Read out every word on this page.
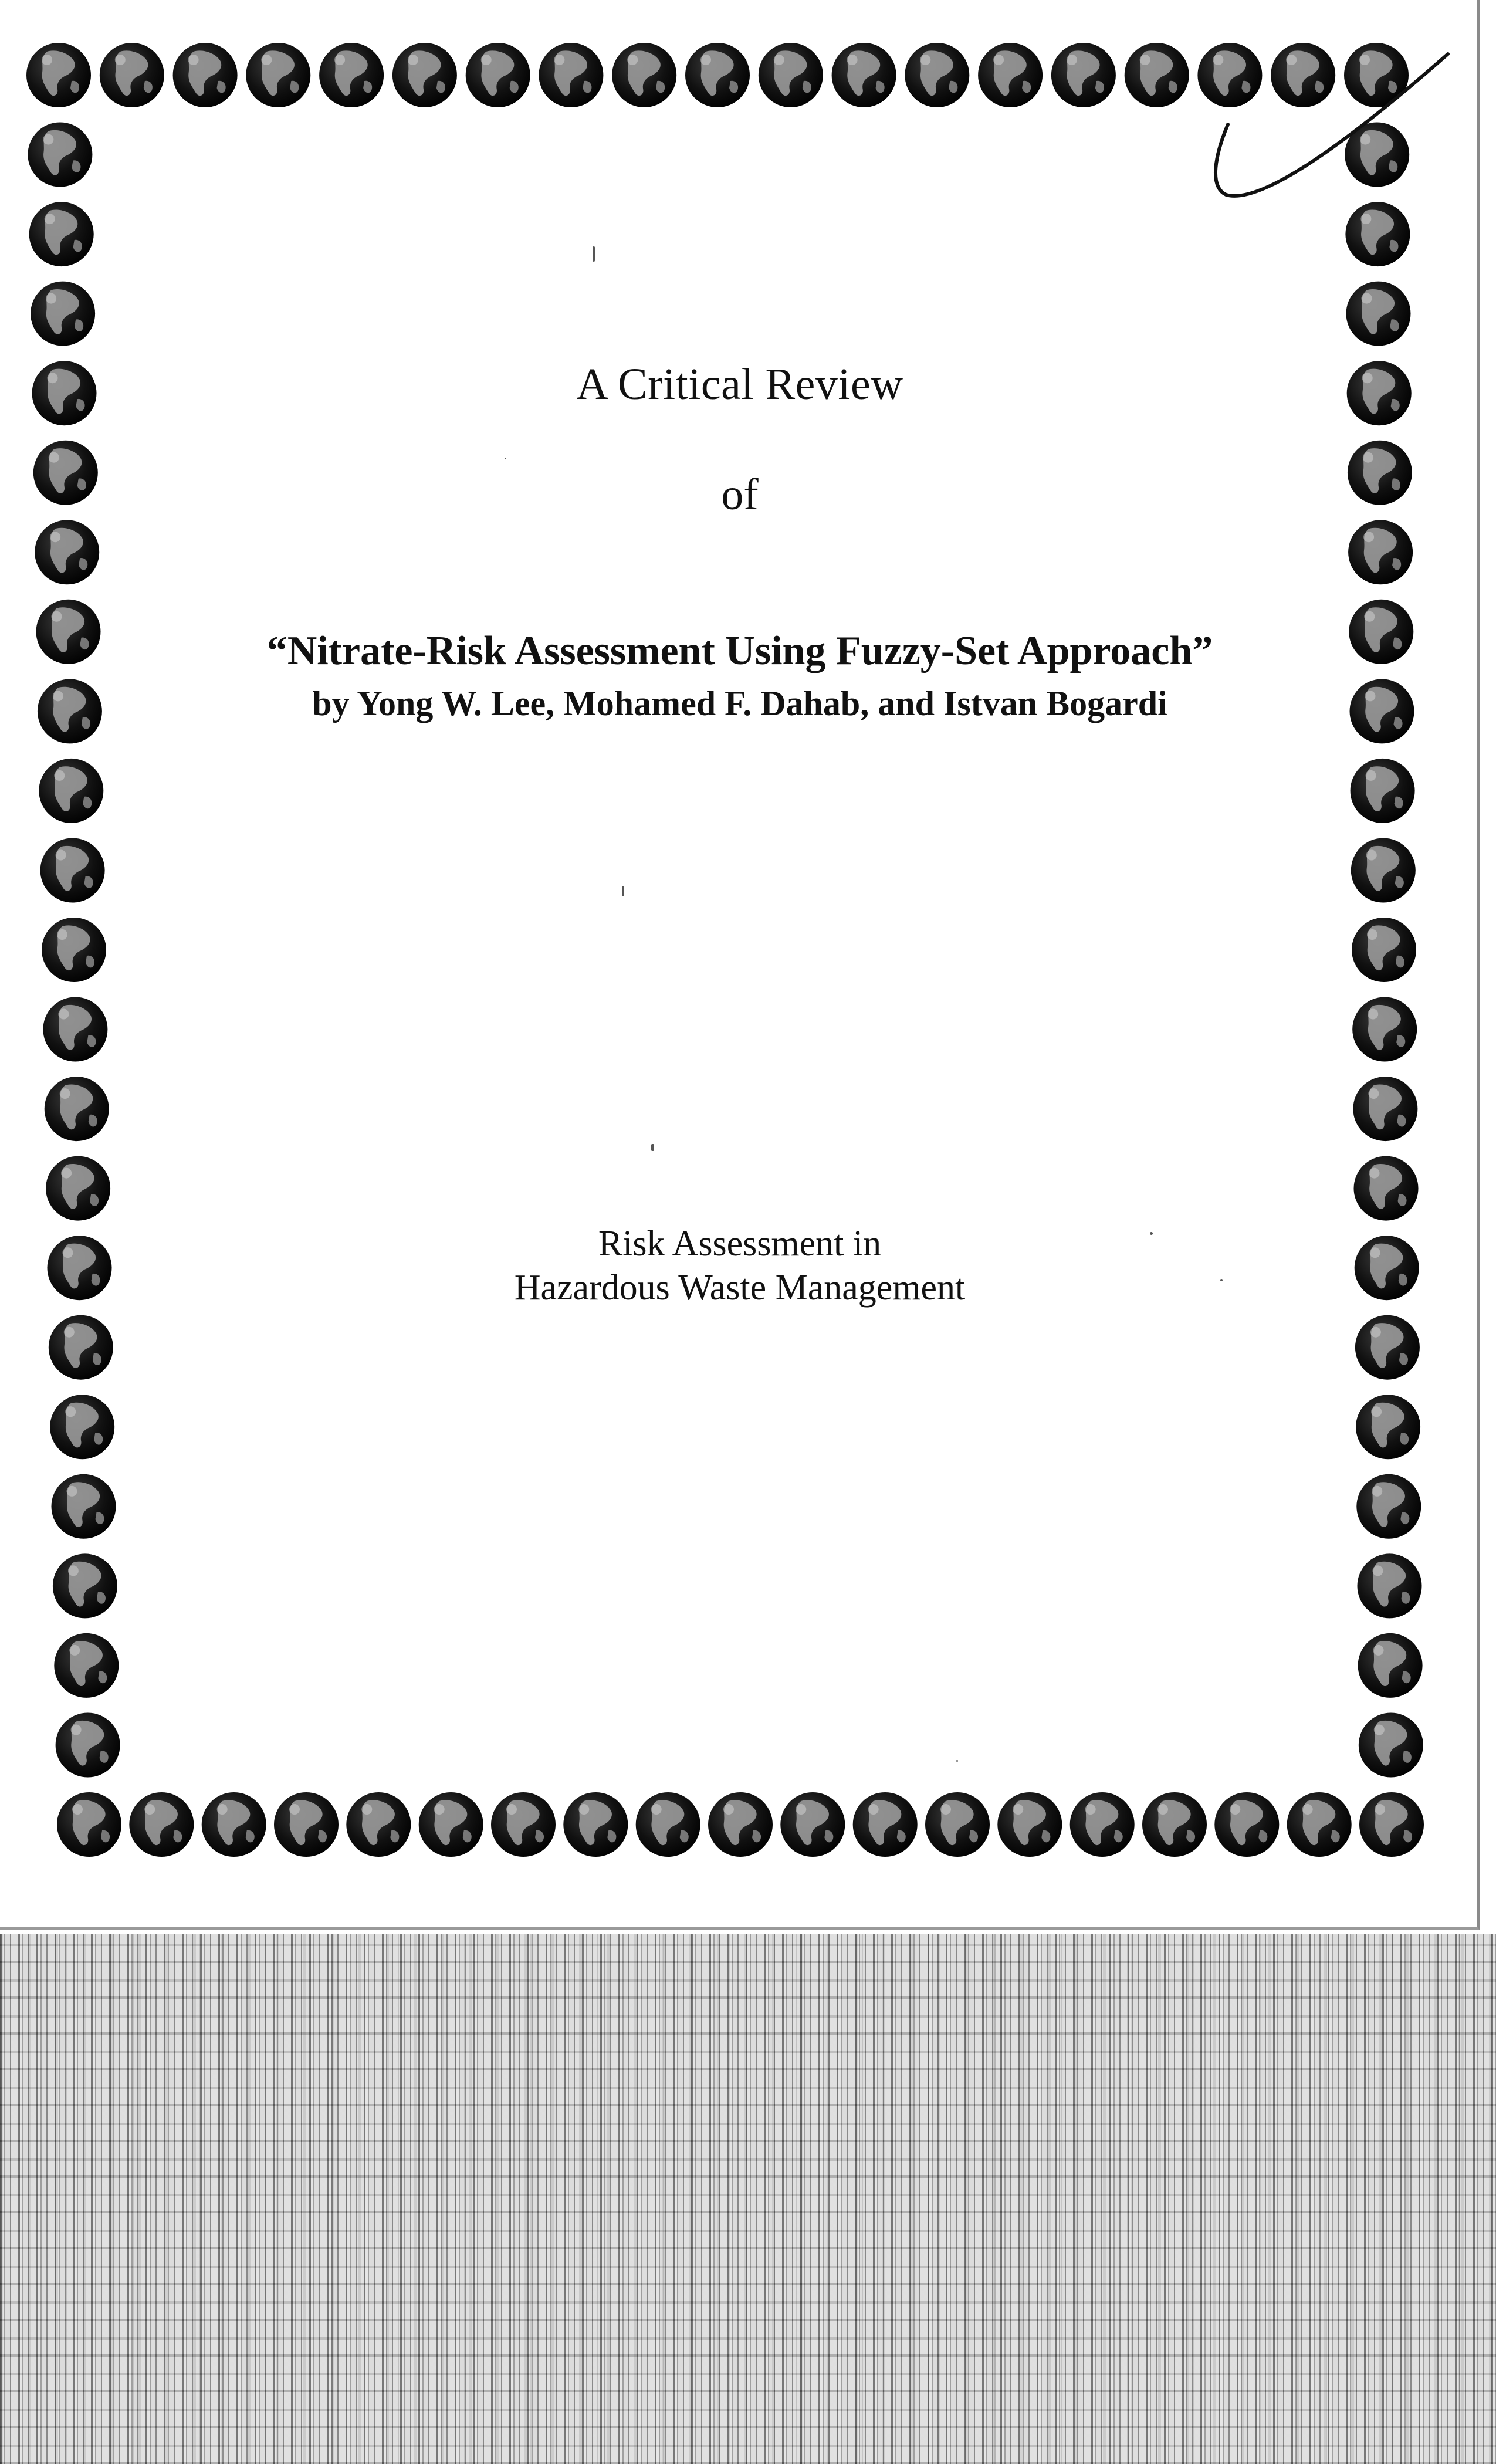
A Critical Review
of
“Nitrate-Risk Assessment Using Fuzzy-Set Approach”
by Yong W. Lee, Mohamed F. Dahab, and Istvan Bogardi
Risk Assessment in
Hazardous Waste Management
